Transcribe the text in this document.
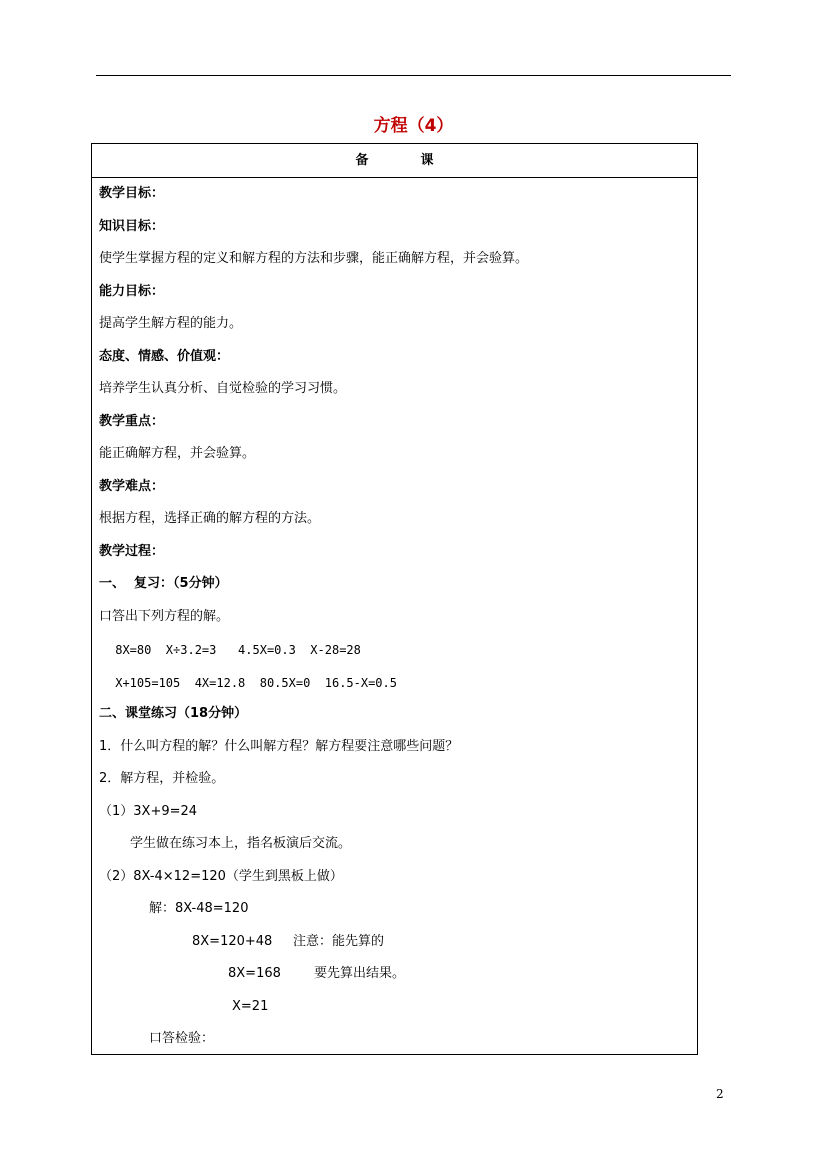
方程（4）
备	课
教学目标：
知识目标：
使学生掌握方程的定义和解方程的方法和步骤，能正确解方程，并会验算。
能力目标：
提高学生解方程的能力。
态度、情感、价值观：
培养学生认真分析、自觉检验的学习习惯。
教学重点：
能正确解方程，并会验算。
教学难点：
根据方程，选择正确的解方程的方法。
教学过程：
一、  复习：（5分钟）
口答出下列方程的解。
8X=80  X÷3.2=3   4.5X=0.3  X-28=28
X+105=105  4X=12.8  80.5X=0  16.5-X=0.5
二、课堂练习（18分钟）
1．什么叫方程的解？什么叫解方程？解方程要注意哪些问题？
2．解方程，并检验。
（1）3X+9=24
学生做在练习本上，指名板演后交流。
（2）8X-4×12=120（学生到黑板上做）
解：8X-48=120
8X=120+48     注意：能先算的
8X=168        要先算出结果。
X=21
口答检验：
2
